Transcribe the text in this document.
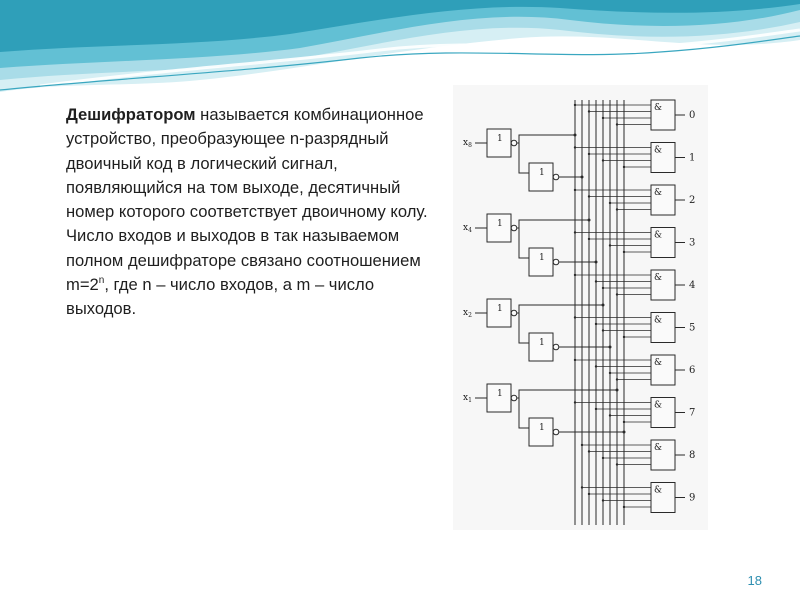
Дешифратором называется комбинационное устройство, преобразующее n-разрядный двоичный код в логический сигнал, появляющийся на том выходе, десятичный номер которого соответствует двоичному колу. Число входов и выходов в так называемом полном дешифраторе связано соотношением $m=2^n$, где n – число входов, а m – число выходов.
$x_8$
1
1
$x_4$
1
1
$x_2$
1
1
$x_1$
1
1
&
0
&
1
&
2
&
3
&
4
&
5
&
6
&
7
&
8
&
9
18
